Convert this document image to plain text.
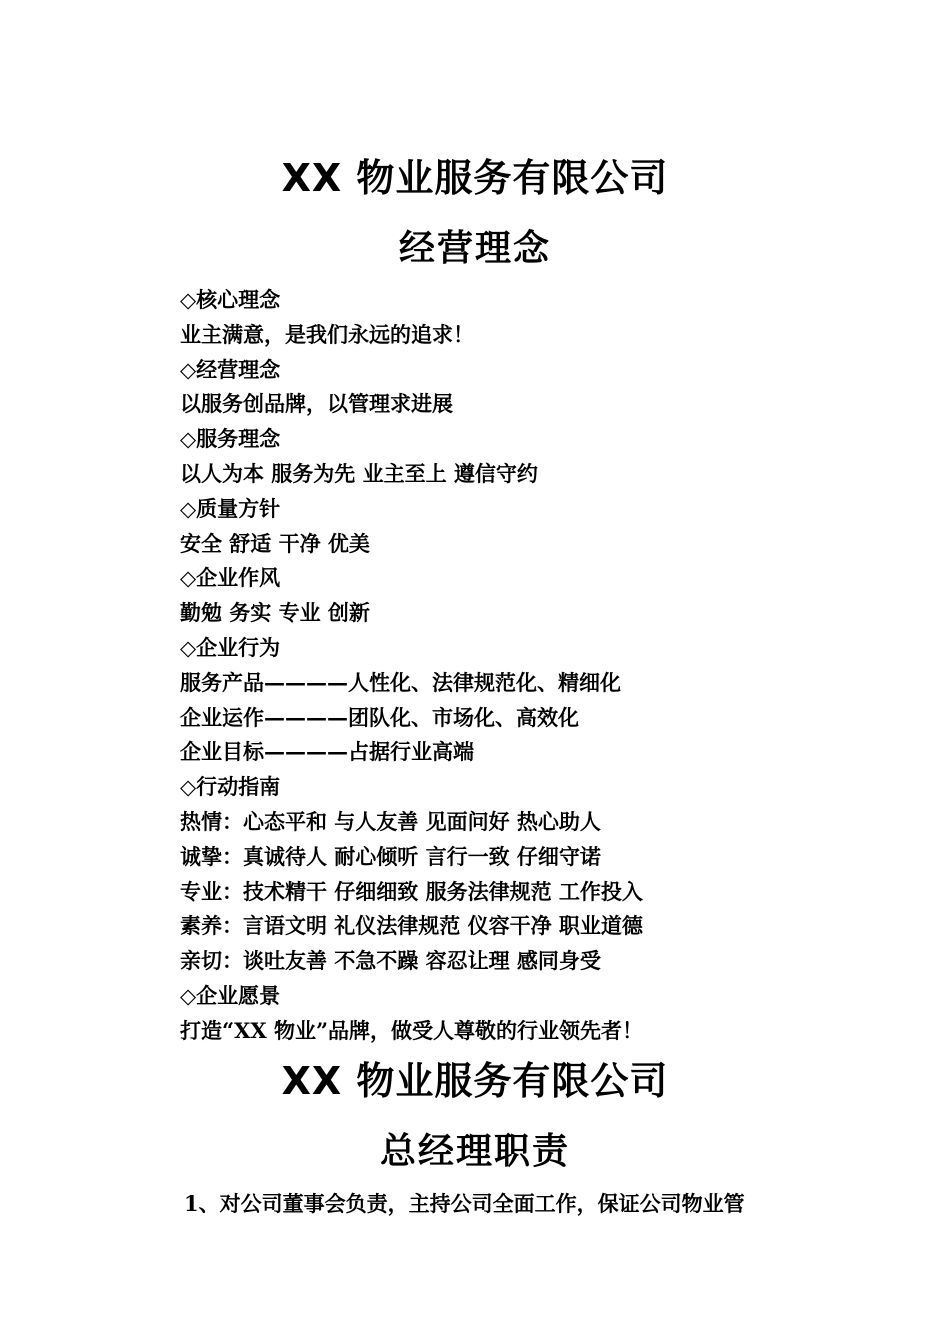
XX 物业服务有限公司
经营理念
◇核心理念
业主满意，是我们永远的追求！
◇经营理念
以服务创品牌，以管理求进展
◇服务理念
以人为本 服务为先 业主至上 遵信守约
◇质量方针
安全 舒适 干净 优美
◇企业作风
勤勉 务实 专业 创新
◇企业行为
服务产品————人性化、法律规范化、精细化
企业运作————团队化、市场化、高效化
企业目标————占据行业高端
◇行动指南
热情：心态平和 与人友善 见面问好 热心助人
诚挚：真诚待人 耐心倾听 言行一致 仔细守诺
专业：技术精干 仔细细致 服务法律规范 工作投入
素养：言语文明 礼仪法律规范 仪容干净 职业道德
亲切：谈吐友善 不急不躁 容忍让理 感同身受
◇企业愿景
打造“XX 物业”品牌，做受人尊敬的行业领先者！
XX 物业服务有限公司
总经理职责
1、对公司董事会负责，主持公司全面工作，保证公司物业管
